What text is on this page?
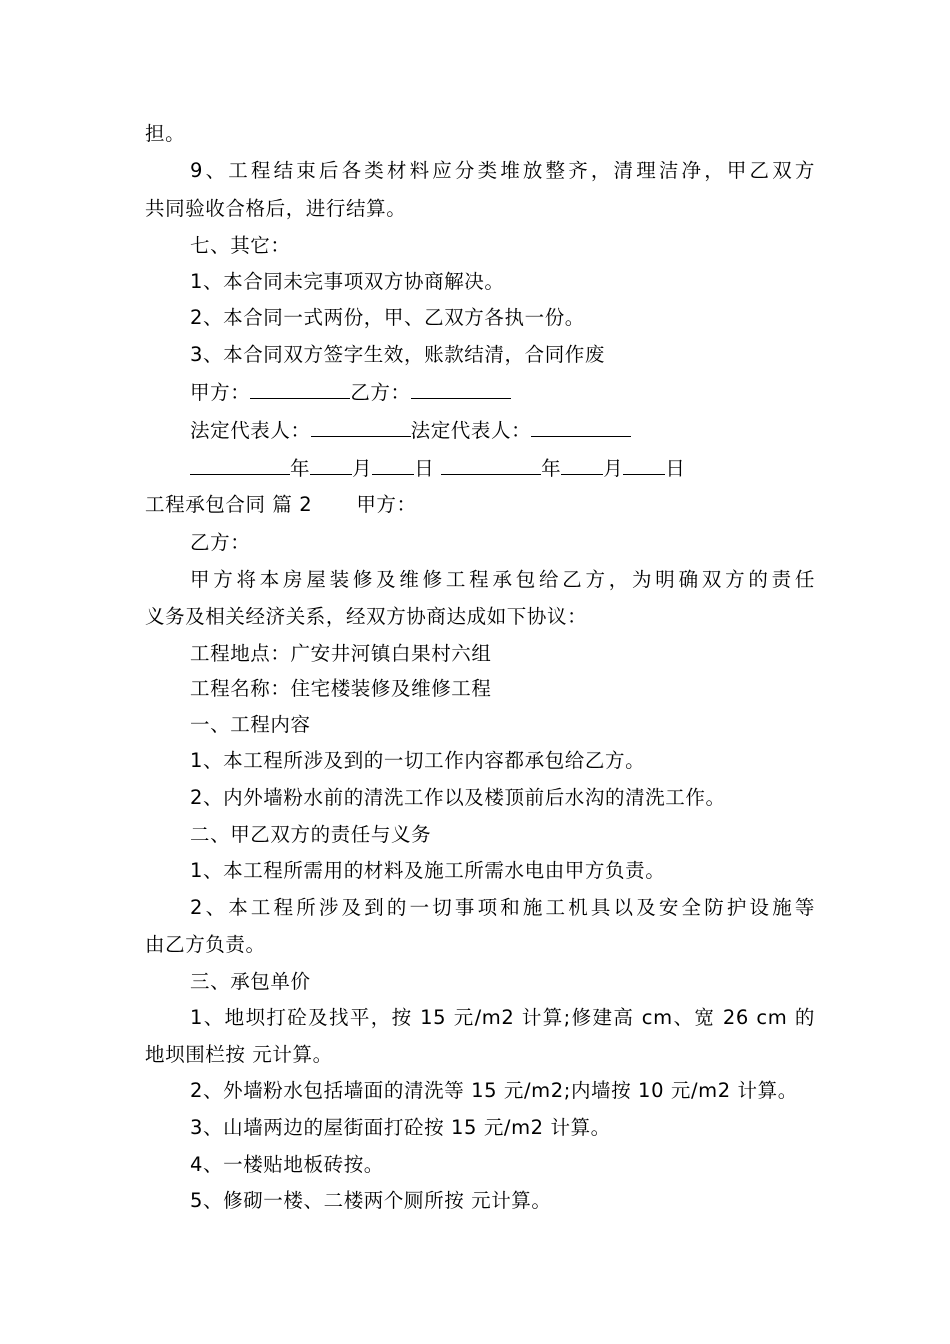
担。
9、工程结束后各类材料应分类堆放整齐，清理洁净，甲乙双方
共同验收合格后，进行结算。
七、其它：
1、本合同未完事项双方协商解决。
2、本合同一式两份，甲、乙双方各执一份。
3、本合同双方签字生效，账款结清，合同作废
甲方：	乙方：
法定代表人：	法定代表人：
年 月 日	年 月 日
工程承包合同 篇 2 甲方：
乙方：
甲方将本房屋装修及维修工程承包给乙方，为明确双方的责任
义务及相关经济关系，经双方协商达成如下协议：
工程地点：广安井河镇白果村六组
工程名称：住宅楼装修及维修工程
一、工程内容
1、本工程所涉及到的一切工作内容都承包给乙方。
2、内外墙粉水前的清洗工作以及楼顶前后水沟的清洗工作。
二、甲乙双方的责任与义务
1、本工程所需用的材料及施工所需水电由甲方负责。
2、本工程所涉及到的一切事项和施工机具以及安全防护设施等
由乙方负责。
三、承包单价
1、地坝打砼及找平，按 15 元/m2 计算;修建高 cm、宽 26 cm 的
地坝围栏按 元计算。
2、外墙粉水包括墙面的清洗等 15 元/m2;内墙按 10 元/m2 计算。
3、山墙两边的屋街面打砼按 15 元/m2 计算。
4、一楼贴地板砖按。
5、修砌一楼、二楼两个厕所按 元计算。
